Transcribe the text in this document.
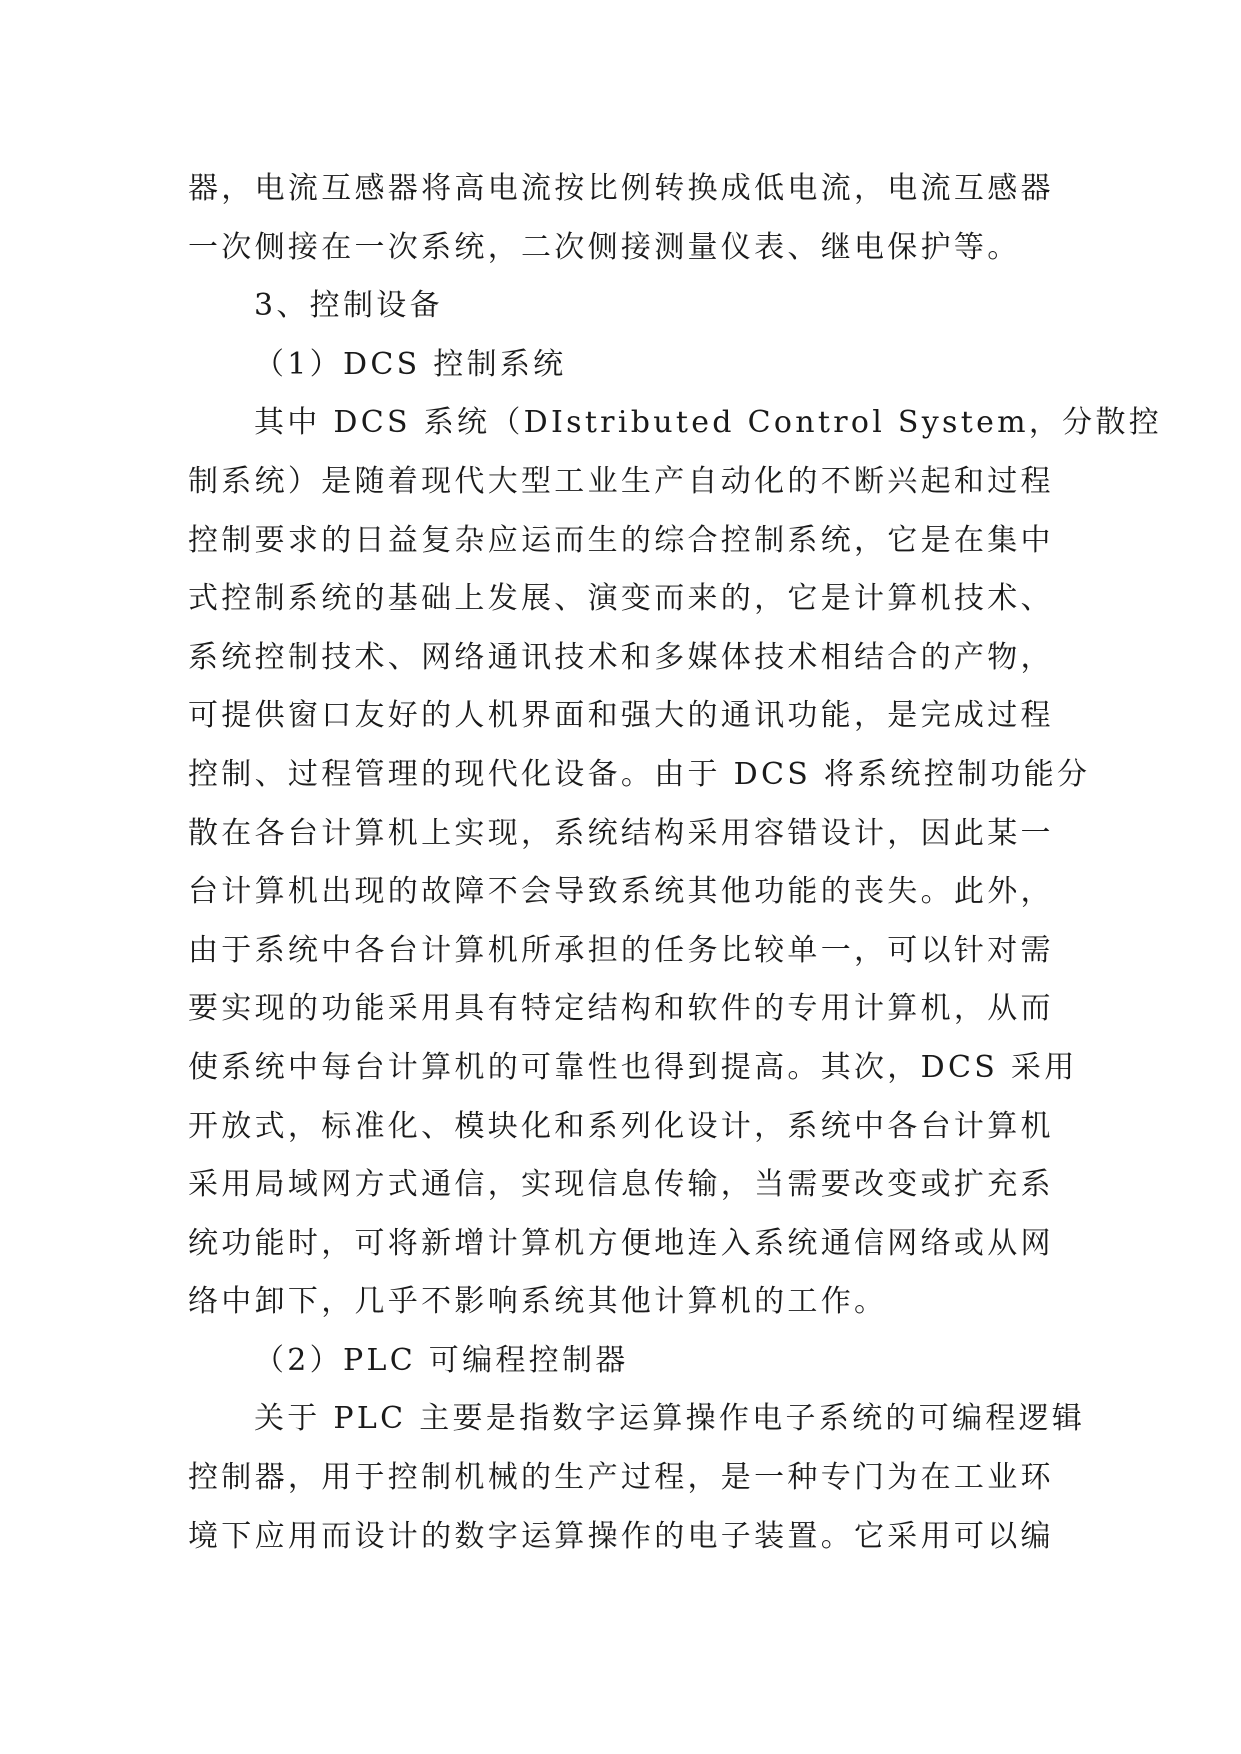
器，电流互感器将高电流按比例转换成低电流，电流互感器
一次侧接在一次系统，二次侧接测量仪表、继电保护等。
3、控制设备
（1）DCS 控制系统
其中 DCS 系统（DIstributed Control System，分散控
制系统）是随着现代大型工业生产自动化的不断兴起和过程
控制要求的日益复杂应运而生的综合控制系统，它是在集中
式控制系统的基础上发展、演变而来的，它是计算机技术、
系统控制技术、网络通讯技术和多媒体技术相结合的产物，
可提供窗口友好的人机界面和强大的通讯功能，是完成过程
控制、过程管理的现代化设备。由于 DCS 将系统控制功能分
散在各台计算机上实现，系统结构采用容错设计，因此某一
台计算机出现的故障不会导致系统其他功能的丧失。此外，
由于系统中各台计算机所承担的任务比较单一，可以针对需
要实现的功能采用具有特定结构和软件的专用计算机，从而
使系统中每台计算机的可靠性也得到提高。其次，DCS 采用
开放式，标准化、模块化和系列化设计，系统中各台计算机
采用局域网方式通信，实现信息传输，当需要改变或扩充系
统功能时，可将新增计算机方便地连入系统通信网络或从网
络中卸下，几乎不影响系统其他计算机的工作。
（2）PLC 可编程控制器
关于 PLC 主要是指数字运算操作电子系统的可编程逻辑
控制器，用于控制机械的生产过程，是一种专门为在工业环
境下应用而设计的数字运算操作的电子装置。它采用可以编
